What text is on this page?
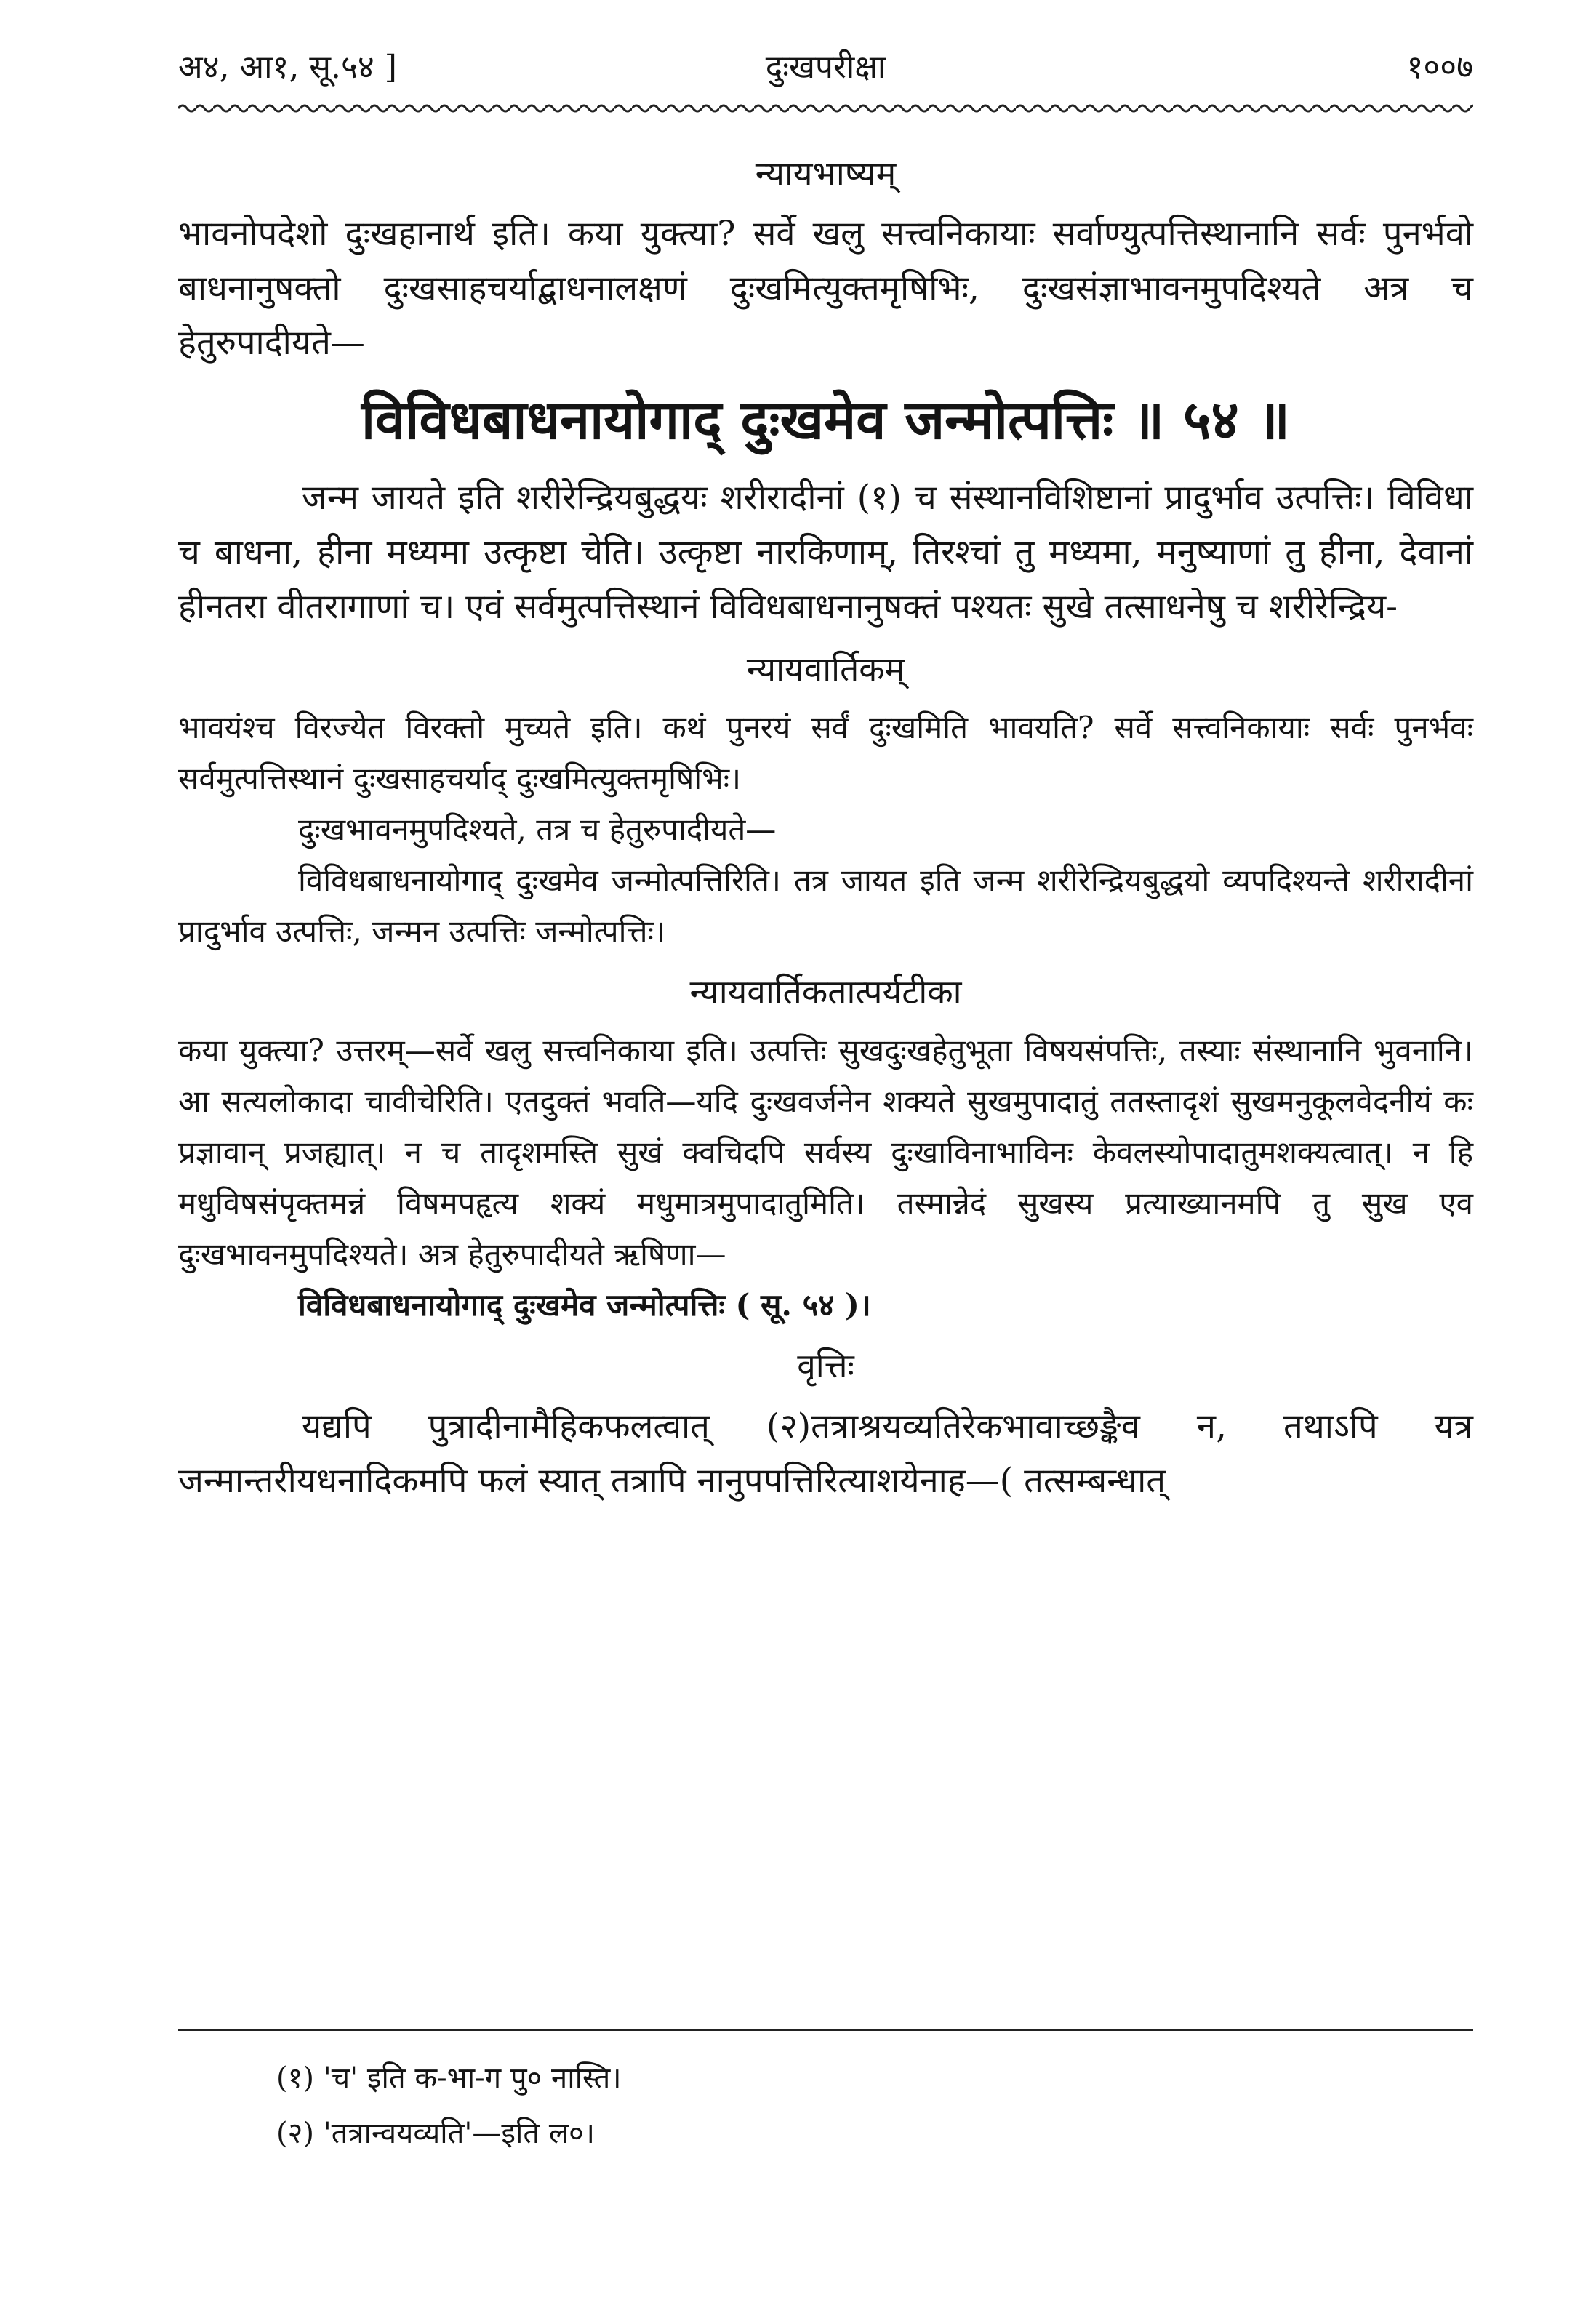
अ४, आ१, सू.५४ ]	दुःखपरीक्षा	१००७
न्यायभाष्यम्

भावनोपदेशो दुःखहानार्थ इति। कया युक्त्या? सर्वे खलु सत्त्वनिकायाः सर्वाण्युत्पत्तिस्थानानि सर्वः पुनर्भवो बाधनानुषक्तो दुःखसाहचर्याद्बाधनालक्षणं दुःखमित्युक्तमृषिभिः, दुःखसंज्ञाभावनमुपदिश्यते अत्र च हेतुरुपादीयते—

विविधबाधनायोगाद् दुःखमेव जन्मोत्पत्तिः ॥ ५४ ॥

जन्म जायते इति शरीरेन्द्रियबुद्धयः शरीरादीनां (१) च संस्थानविशिष्टानां प्रादुर्भाव उत्पत्तिः। विविधा च बाधना, हीना मध्यमा उत्कृष्टा चेति। उत्कृष्टा नारकिणाम्, तिरश्चां तु मध्यमा, मनुष्याणां तु हीना, देवानां हीनतरा वीतरागाणां च। एवं सर्वमुत्पत्तिस्थानं विविधबाधनानुषक्तं पश्यतः सुखे तत्साधनेषु च शरीरेन्द्रिय-

न्यायवार्तिकम्

भावयंश्च विरज्येत विरक्तो मुच्यते इति। कथं पुनरयं सर्वं दुःखमिति भावयति? सर्वे सत्त्वनिकायाः सर्वः पुनर्भवः सर्वमुत्पत्तिस्थानं दुःखसाहचर्याद् दुःखमित्युक्तमृषिभिः।

दुःखभावनमुपदिश्यते, तत्र च हेतुरुपादीयते—

विविधबाधनायोगाद् दुःखमेव जन्मोत्पत्तिरिति। तत्र जायत इति जन्म शरीरेन्द्रियबुद्धयो व्यपदिश्यन्ते शरीरादीनां प्रादुर्भाव उत्पत्तिः, जन्मन उत्पत्तिः जन्मोत्पत्तिः।

न्यायवार्तिकतात्पर्यटीका

कया युक्त्या? उत्तरम्—सर्वे खलु सत्त्वनिकाया इति। उत्पत्तिः सुखदुःखहेतुभूता विषयसंपत्तिः, तस्याः संस्थानानि भुवनानि। आ सत्यलोकादा चावीचेरिति। एतदुक्तं भवति—यदि दुःखवर्जनेन शक्यते सुखमुपादातुं ततस्तादृशं सुखमनुकूलवेदनीयं कः प्रज्ञावान् प्रजह्यात्। न च तादृशमस्ति सुखं क्वचिदपि सर्वस्य दुःखाविनाभाविनः केवलस्योपादातुमशक्यत्वात्। न हि मधुविषसंपृक्तमन्नं विषमपहृत्य शक्यं मधुमात्रमुपादातुमिति। तस्मान्नेदं सुखस्य प्रत्याख्यानमपि तु सुख एव दुःखभावनमुपदिश्यते। अत्र हेतुरुपादीयते ऋषिणा—

विविधबाधनायोगाद् दुःखमेव जन्मोत्पत्तिः ( सू. ५४ )।

वृत्तिः

यद्यपि पुत्रादीनामैहिकफलत्वात् (२)तत्राश्रयव्यतिरेकभावाच्छङ्कैव न, तथाऽपि यत्र जन्मान्तरीयधनादिकमपि फलं स्यात् तत्रापि नानुपपत्तिरित्याशयेनाह—( तत्सम्बन्धात्

(१) 'च' इति क-भा-ग पु० नास्ति।
(२) 'तत्रान्वयव्यति'—इति ल०।
